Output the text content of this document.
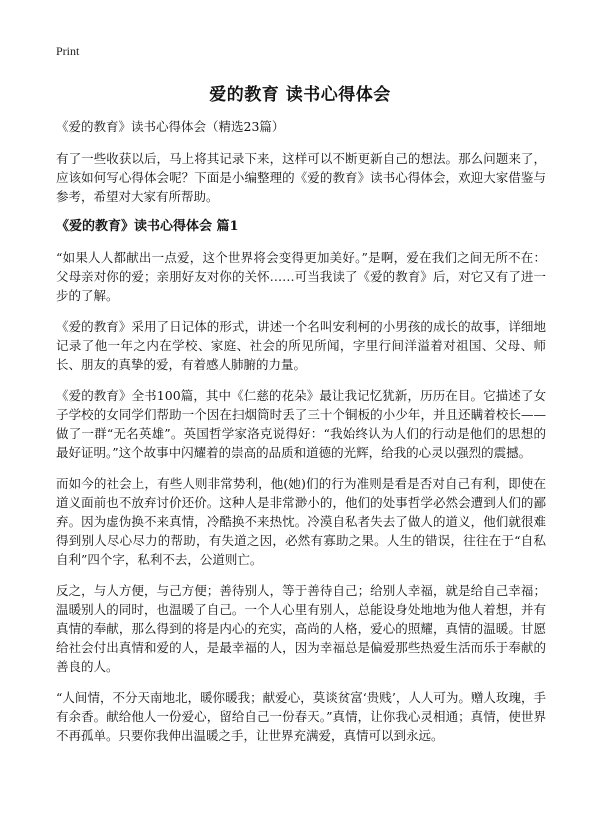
Print
爱的教育 读书心得体会
《爱的教育》读书心得体会（精选23篇）

有了一些收获以后，马上将其记录下来，这样可以不断更新自己的想法。那么问题来了，应该如何写心得体会呢？下面是小编整理的《爱的教育》读书心得体会，欢迎大家借鉴与参考，希望对大家有所帮助。

《爱的教育》读书心得体会 篇1

“如果人人都献出一点爱，这个世界将会变得更加美好。”是啊，爱在我们之间无所不在：父母亲对你的爱；亲朋好友对你的关怀……可当我读了《爱的教育》后，对它又有了进一步的了解。

《爱的教育》采用了日记体的形式，讲述一个名叫安利柯的小男孩的成长的故事，详细地记录了他一年之内在学校、家庭、社会的所见所闻，字里行间洋溢着对祖国、父母、师长、朋友的真挚的爱，有着感人肺腑的力量。

《爱的教育》全书100篇，其中《仁慈的花朵》最让我记忆犹新，历历在目。它描述了女子学校的女同学们帮助一个因在扫烟筒时丢了三十个铜板的小少年，并且还瞒着校长——做了一群“无名英雄”。英国哲学家洛克说得好：“我始终认为人们的行动是他们的思想的最好证明。”这个故事中闪耀着的崇高的品质和道德的光辉，给我的心灵以强烈的震撼。

而如今的社会上，有些人则非常势利，他(她)们的行为准则是看是否对自己有利，即使在道义面前也不放弃讨价还价。这种人是非常渺小的，他们的处事哲学必然会遭到人们的鄙弃。因为虚伪换不来真情，冷酷换不来热忱。冷漠自私者失去了做人的道义，他们就很难得到别人尽心尽力的帮助，有失道之因，必然有寡助之果。人生的错误，往往在于“自私自利”四个字，私利不去，公道则亡。

反之，与人方便，与己方便；善待别人，等于善待自己；给别人幸福，就是给自己幸福；温暖别人的同时，也温暖了自己。一个人心里有别人，总能设身处地地为他人着想，并有真情的奉献，那么得到的将是内心的充实，高尚的人格，爱心的照耀，真情的温暖。甘愿给社会付出真情和爱的人，是最幸福的人，因为幸福总是偏爱那些热爱生活而乐于奉献的善良的人。

“人间情，不分天南地北，暖你暖我；献爱心，莫谈贫富‘贵贱’，人人可为。赠人玫瑰，手有余香。献给他人一份爱心，留给自己一份春天。”真情，让你我心灵相通；真情，使世界不再孤单。只要你我伸出温暖之手，让世界充满爱，真情可以到永远。
